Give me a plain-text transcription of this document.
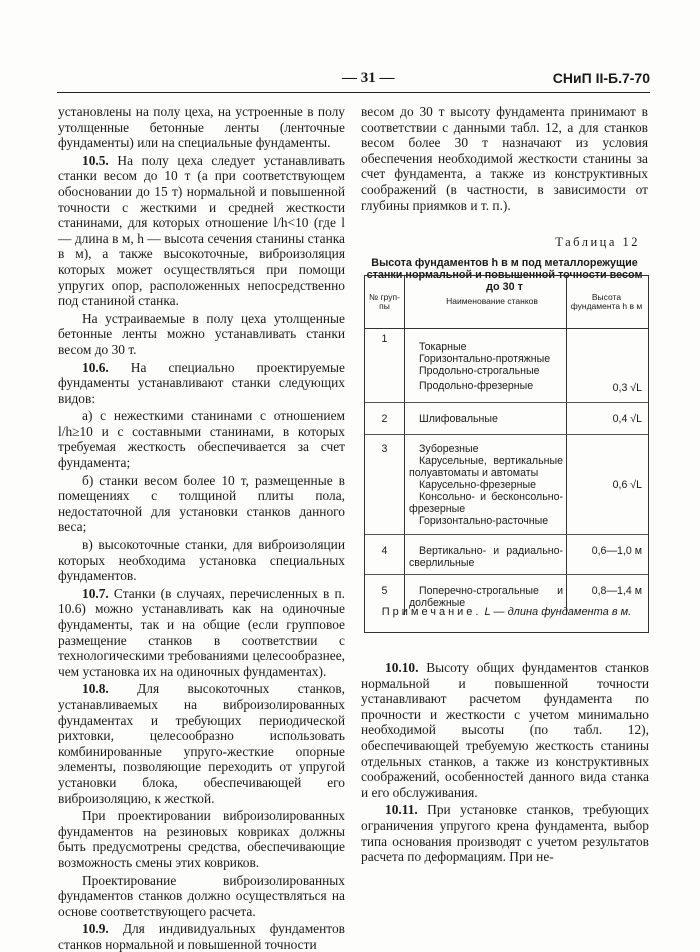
— 31 —	СНиП II-Б.7-70

установлены на полу цеха, на устроенные в полу утолщенные бетонные ленты (ленточные фундаменты) или на специальные фундаменты.

10.5. На полу цеха следует устанавливать станки весом до 10 т (а при соответствующем обосновании до 15 т) нормальной и повышенной точности с жесткими и средней жесткости станинами, для которых отношение l/h<10 (где l — длина в м, h — высота сечения станины станка в м), а также высокоточные, виброизоляция которых может осуществляться при помощи упругих опор, расположенных непосредственно под станиной станка.

На устраиваемые в полу цеха утолщенные бетонные ленты можно устанавливать станки весом до 30 т.

10.6. На специально проектируемые фундаменты устанавливают станки следующих видов:

а) с нежесткими станинами с отношением l/h≥10 и с составными станинами, в которых требуемая жесткость обеспечивается за счет фундамента;

б) станки весом более 10 т, размещенные в помещениях с толщиной плиты пола, недостаточной для установки станков данного веса;

в) высокоточные станки, для виброизоляции которых необходима установка специальных фундаментов.

10.7. Станки (в случаях, перечисленных в п. 10.6) можно устанавливать как на одиночные фундаменты, так и на общие (если групповое размещение станков в соответствии с технологическими требованиями целесообразнее, чем установка их на одиночных фундаментах).

10.8. Для высокоточных станков, устанавливаемых на виброизолированных фундаментах и требующих периодической рихтовки, целесообразно использовать комбинированные упруго-жесткие опорные элементы, позволяющие переходить от упругой установки блока, обеспечивающей его виброизоляцию, к жесткой.

При проектировании виброизолированных фундаментов на резиновых ковриках должны быть предусмотрены средства, обеспечивающие возможность смены этих ковриков.

Проектирование виброизолированных фундаментов станков должно осуществляться на основе соответствующего расчета.

10.9. Для индивидуальных фундаментов станков нормальной и повышенной точности

весом до 30 т высоту фундамента принимают в соответствии с данными табл. 12, а для станков весом более 30 т назначают из условия обеспечения необходимой жесткости станины за счет фундамента, а также из конструктивных соображений (в частности, в зависимости от глубины приямков и т. п.).

Таблица 12
Высота фундаментов h в м под металлорежущие станки нормальной и повышенной точности весом до 30 т
№ груп-пы	Наименование станков	Высота фундамента h в м
1	Токарные
Горизонтально-протяжные
Продольно-строгальные
Продольно-фрезерные	0,3 √L
2	Шлифовальные	0,4 √L
3	Зуборезные
Карусельные, вертикальные полуавтоматы и автоматы
Карусельно-фрезерные
Консольно- и бесконсольно-фрезерные
Горизонтально-расточные	0,6 √L
4	Вертикально- и радиально-сверлильные	0,6—1,0 м
5	Поперечно-строгальные и долбежные	0,8—1,4 м
Примечание. L — длина фундамента в м.

10.10. Высоту общих фундаментов станков нормальной и повышенной точности устанавливают расчетом фундамента по прочности и жесткости с учетом минимально необходимой высоты (по табл. 12), обеспечивающей требуемую жесткость станины отдельных станков, а также из конструктивных соображений, особенностей данного вида станка и его обслуживания.

10.11. При установке станков, требующих ограничения упругого крена фундамента, выбор типа основания производят с учетом результатов расчета по деформациям. При не-
